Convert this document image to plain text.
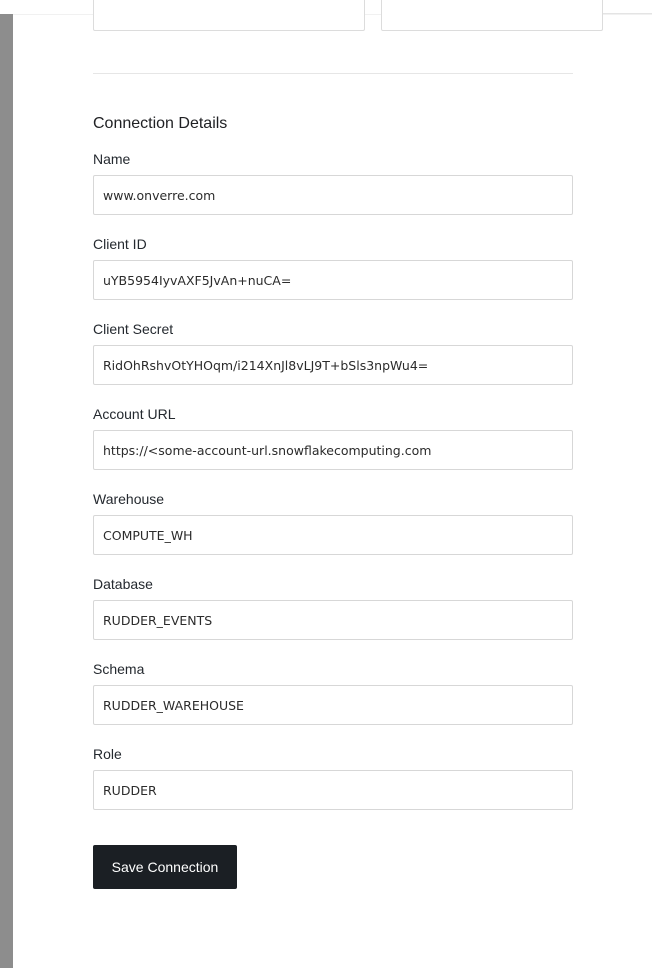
Connection Details
Name
www.onverre.com
Client ID
uYB5954IyvAXF5JvAn+nuCA=
Client Secret
RidOhRshvOtYHOqm/i214XnJl8vLJ9T+bSls3npWu4=
Account URL
https://<some-account-url.snowflakecomputing.com
Warehouse
COMPUTE_WH
Database
RUDDER_EVENTS
Schema
RUDDER_WAREHOUSE
Role
RUDDER
Save Connection
